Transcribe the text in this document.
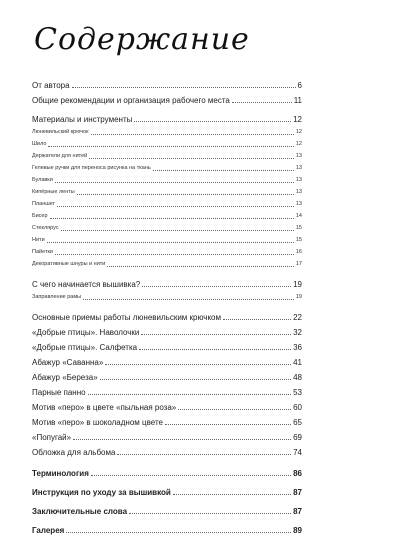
Содержание
От автора	6
Общие рекомендации и организация рабочего места	11
Материалы и инструменты	12
Люневильский крючок	12
Шило	12
Держатели для нитей	13
Гелевые ручки для переноса рисунка на ткань	13
Булавки	13
Кипёрные ленты	13
Планшет	13
Бисер	14
Стеклярус	15
Нити	15
Пайетки	16
Декоративные шнуры и нити	17
С чего начинается вышивка?	19
Заправление рамы	19
Основные приемы работы люневильским крючком	22
«Добрые птицы». Наволочки	32
«Добрые птицы». Салфетка	36
Абажур «Саванна»	41
Абажур «Береза»	48
Парные панно	53
Мотив «перо» в цвете «пыльная роза»	60
Мотив «перо» в шоколадном цвете	65
«Попугай»	69
Обложка для альбома	74
Терминология	86
Инструкция по уходу за вышивкой	87
Заключительные слова	87
Галерея	89
